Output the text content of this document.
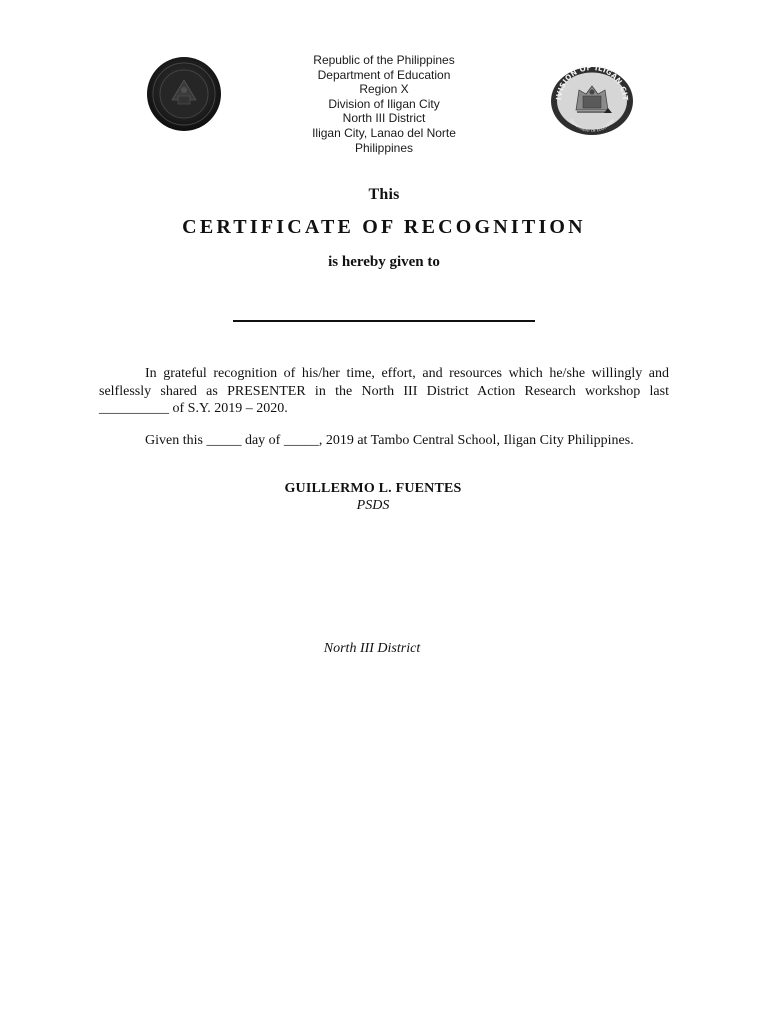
Republic of the Philippines
Department of Education
Region X
Division of Iligan City
North III District
Iligan City, Lanao del Norte
Philippines
IVISION OF ILIGAN CIT
DEPARTMENT OF EDUCATION
This
CERTIFICATE OF RECOGNITION
is hereby given to
In grateful recognition of his/her time, effort, and resources which he/she willingly and selflessly shared as PRESENTER in the North III District Action Research workshop last __________ of S.Y. 2019 – 2020.
Given this _____ day of _____, 2019 at Tambo Central School, Iligan City Philippines.
GUILLERMO L. FUENTES
PSDS
North III District
